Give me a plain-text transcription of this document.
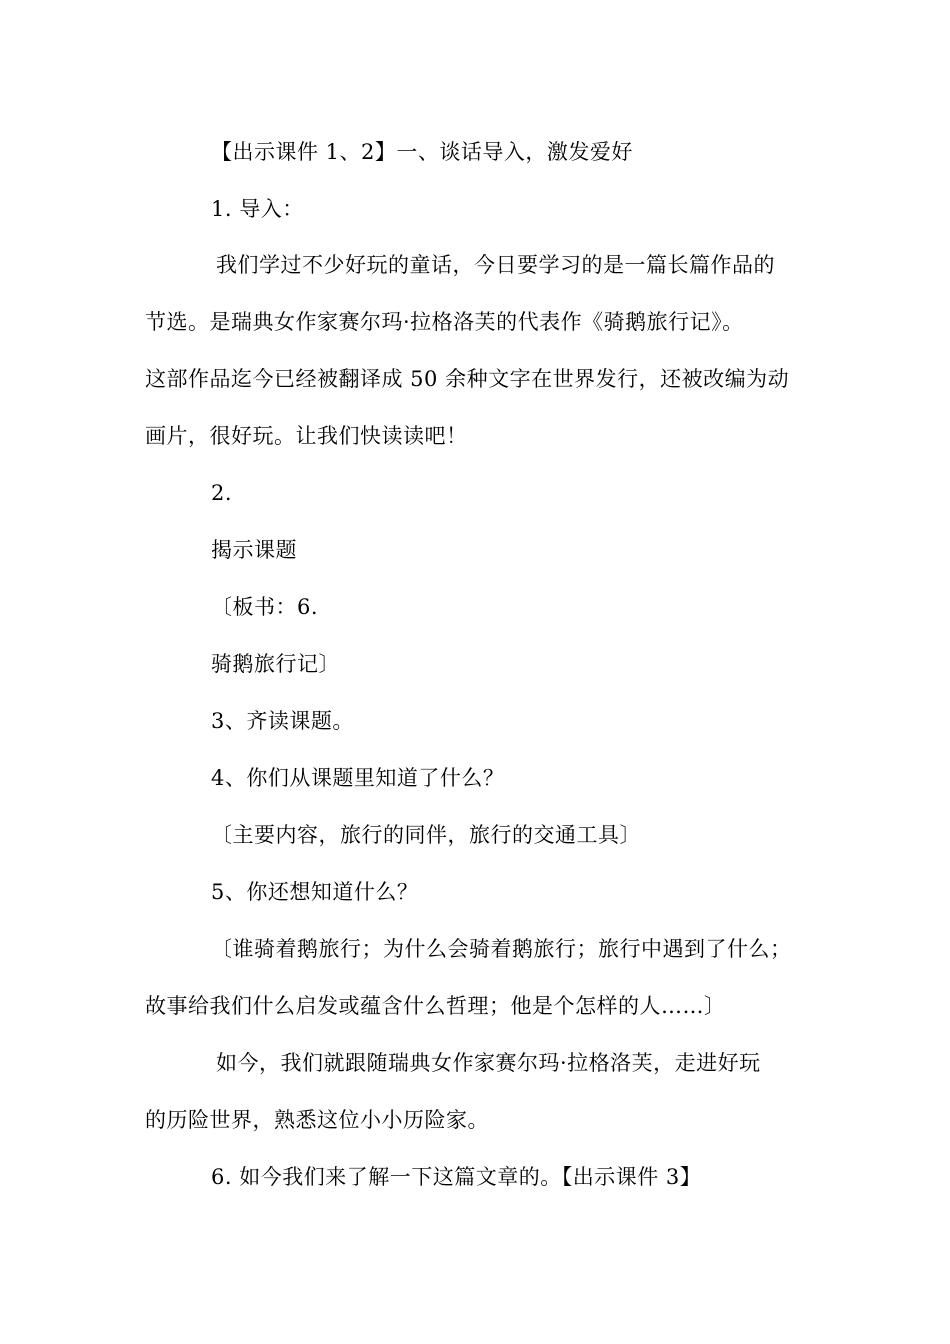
【出示课件 1、2】一、谈话导入，激发爱好
1. 导入：
我们学过不少好玩的童话，今日要学习的是一篇长篇作品的
节选。是瑞典女作家赛尔玛·拉格洛芙的代表作《骑鹅旅行记》。
这部作品迄今已经被翻译成 50 余种文字在世界发行，还被改编为动
画片，很好玩。让我们快读读吧！
2.
揭示课题
〔板书：6.
骑鹅旅行记〕
3、齐读课题。
4、你们从课题里知道了什么？
〔主要内容，旅行的同伴，旅行的交通工具〕
5、你还想知道什么？
〔谁骑着鹅旅行；为什么会骑着鹅旅行；旅行中遇到了什么；
故事给我们什么启发或蕴含什么哲理；他是个怎样的人……〕
如今，我们就跟随瑞典女作家赛尔玛·拉格洛芙，走进好玩
的历险世界，熟悉这位小小历险家。
6. 如今我们来了解一下这篇文章的。【出示课件 3】
